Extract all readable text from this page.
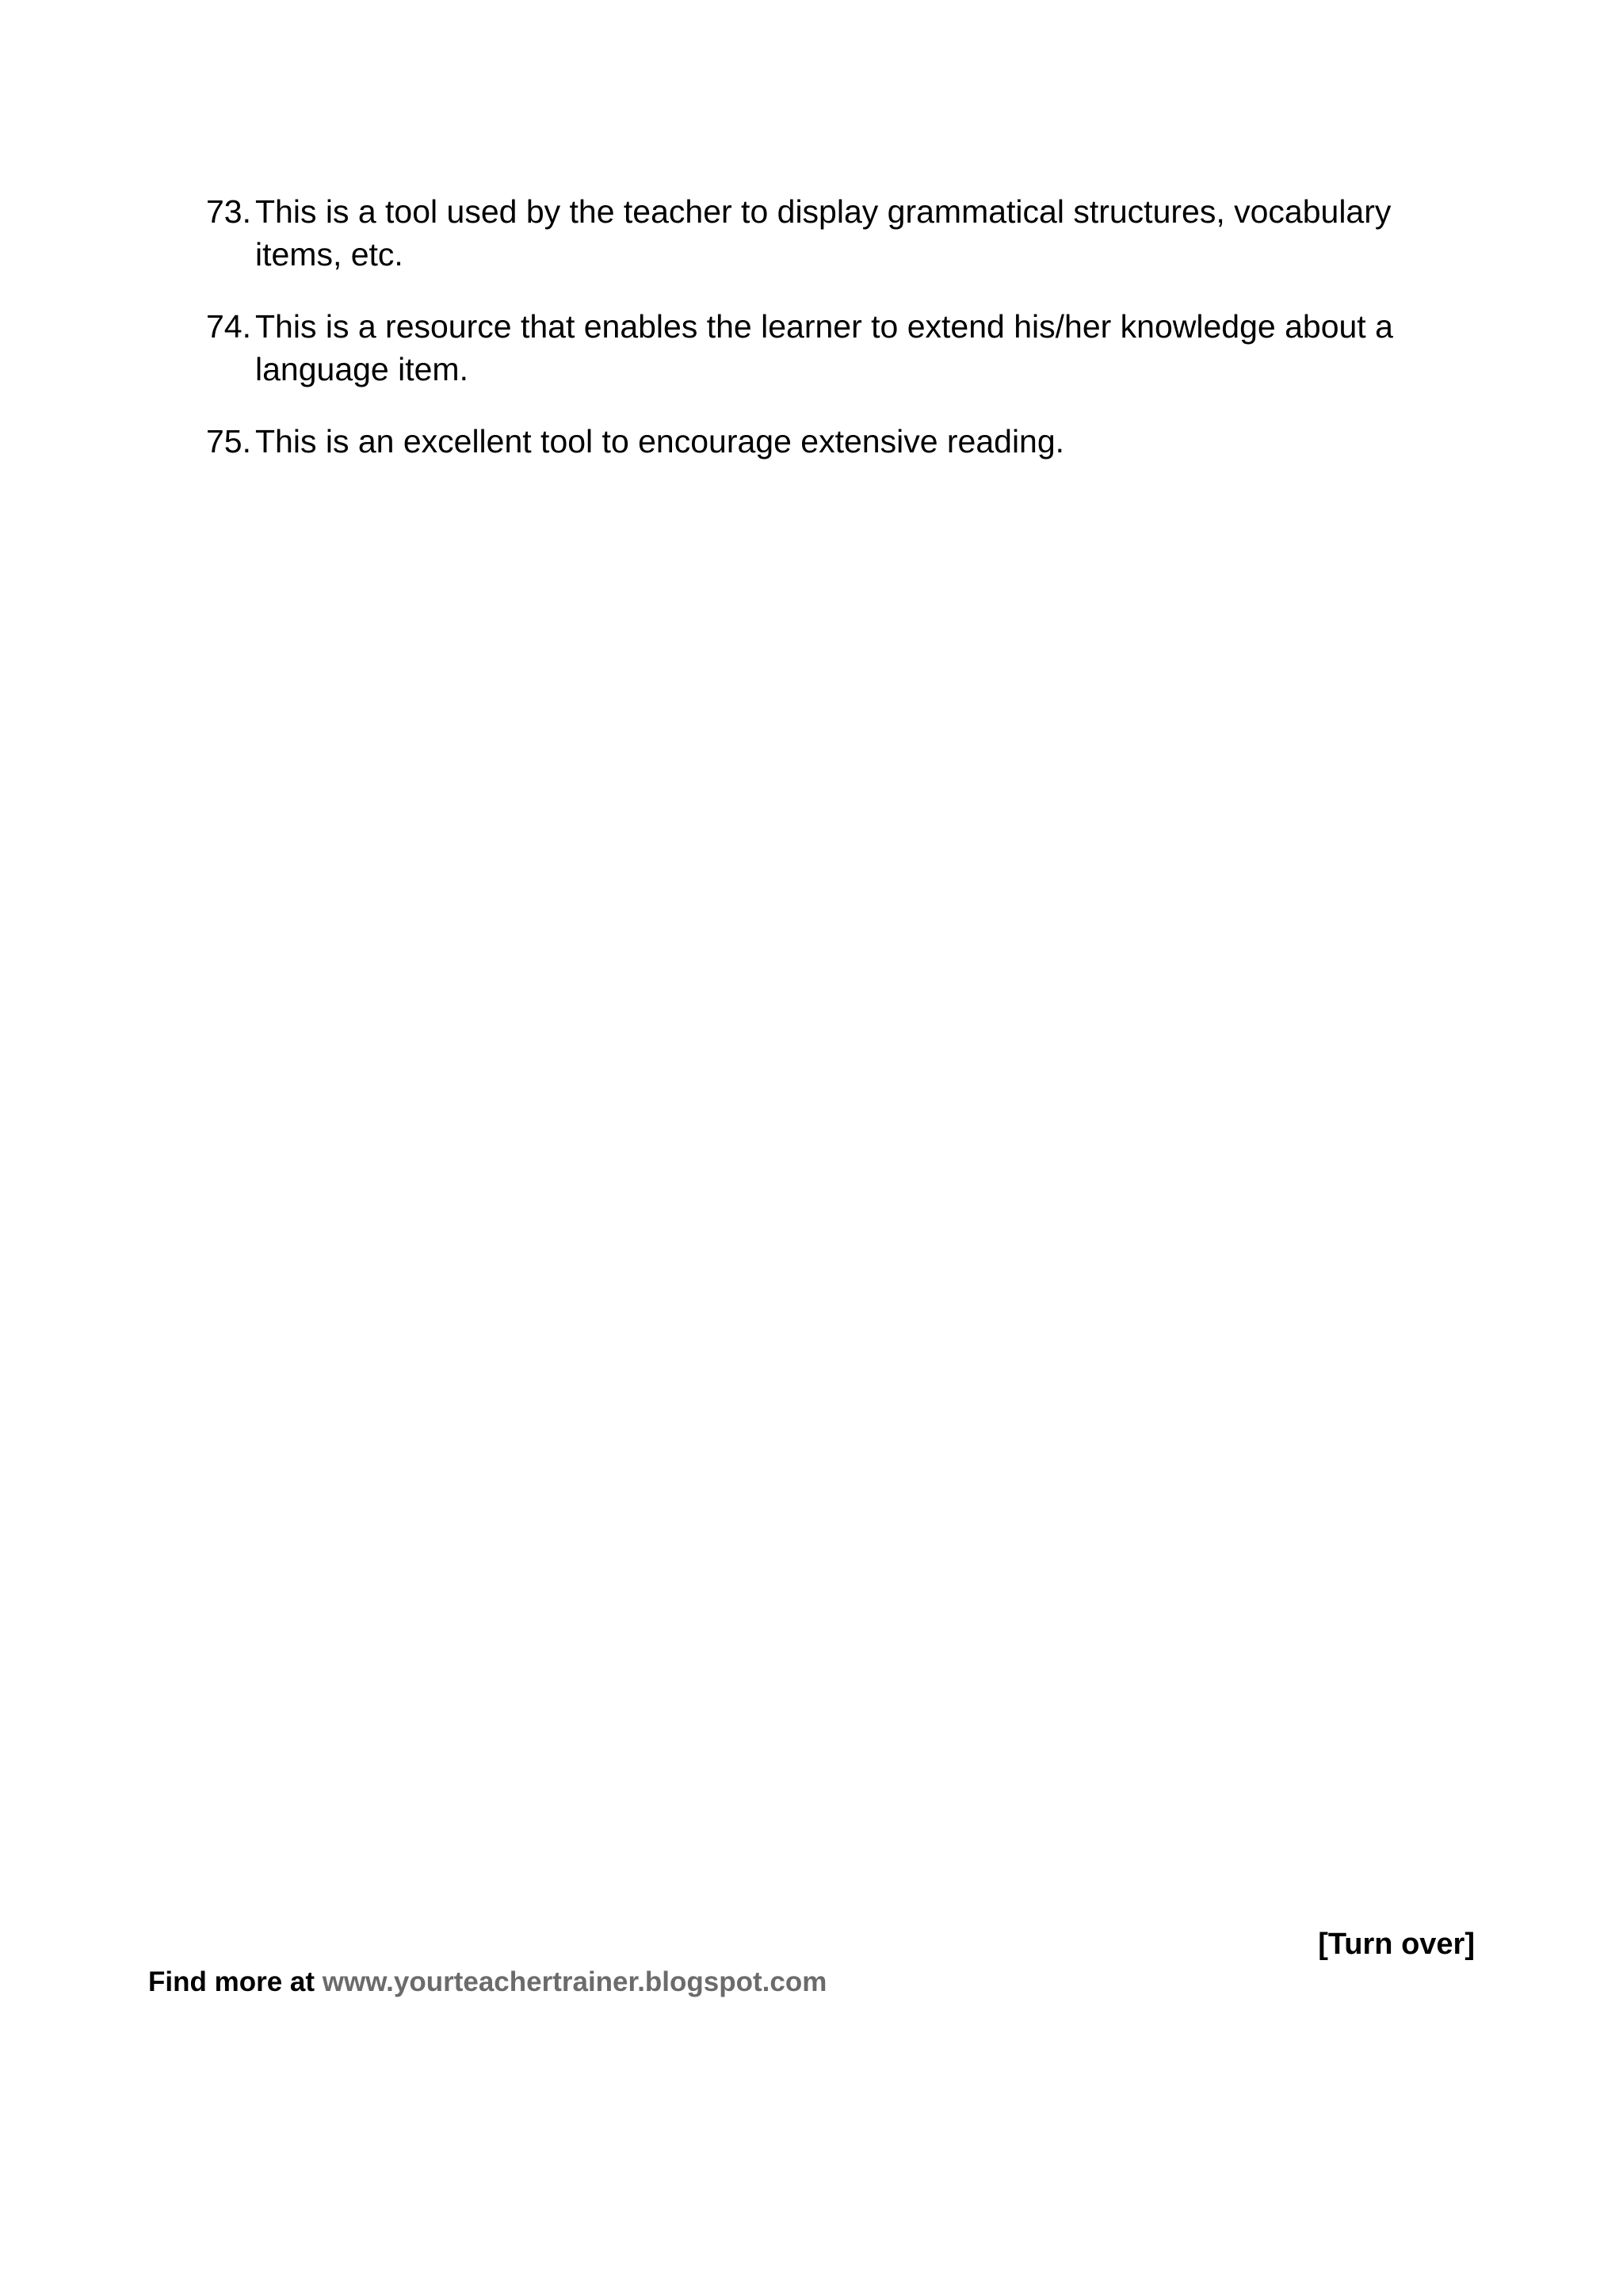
73. This is a tool used by the teacher to display grammatical structures, vocabulary items, etc.
74. This is a resource that enables the learner to extend his/her knowledge about a language item.
75. This is an excellent tool to encourage extensive reading.
[Turn over]
Find more at www.yourteachertrainer.blogspot.com
